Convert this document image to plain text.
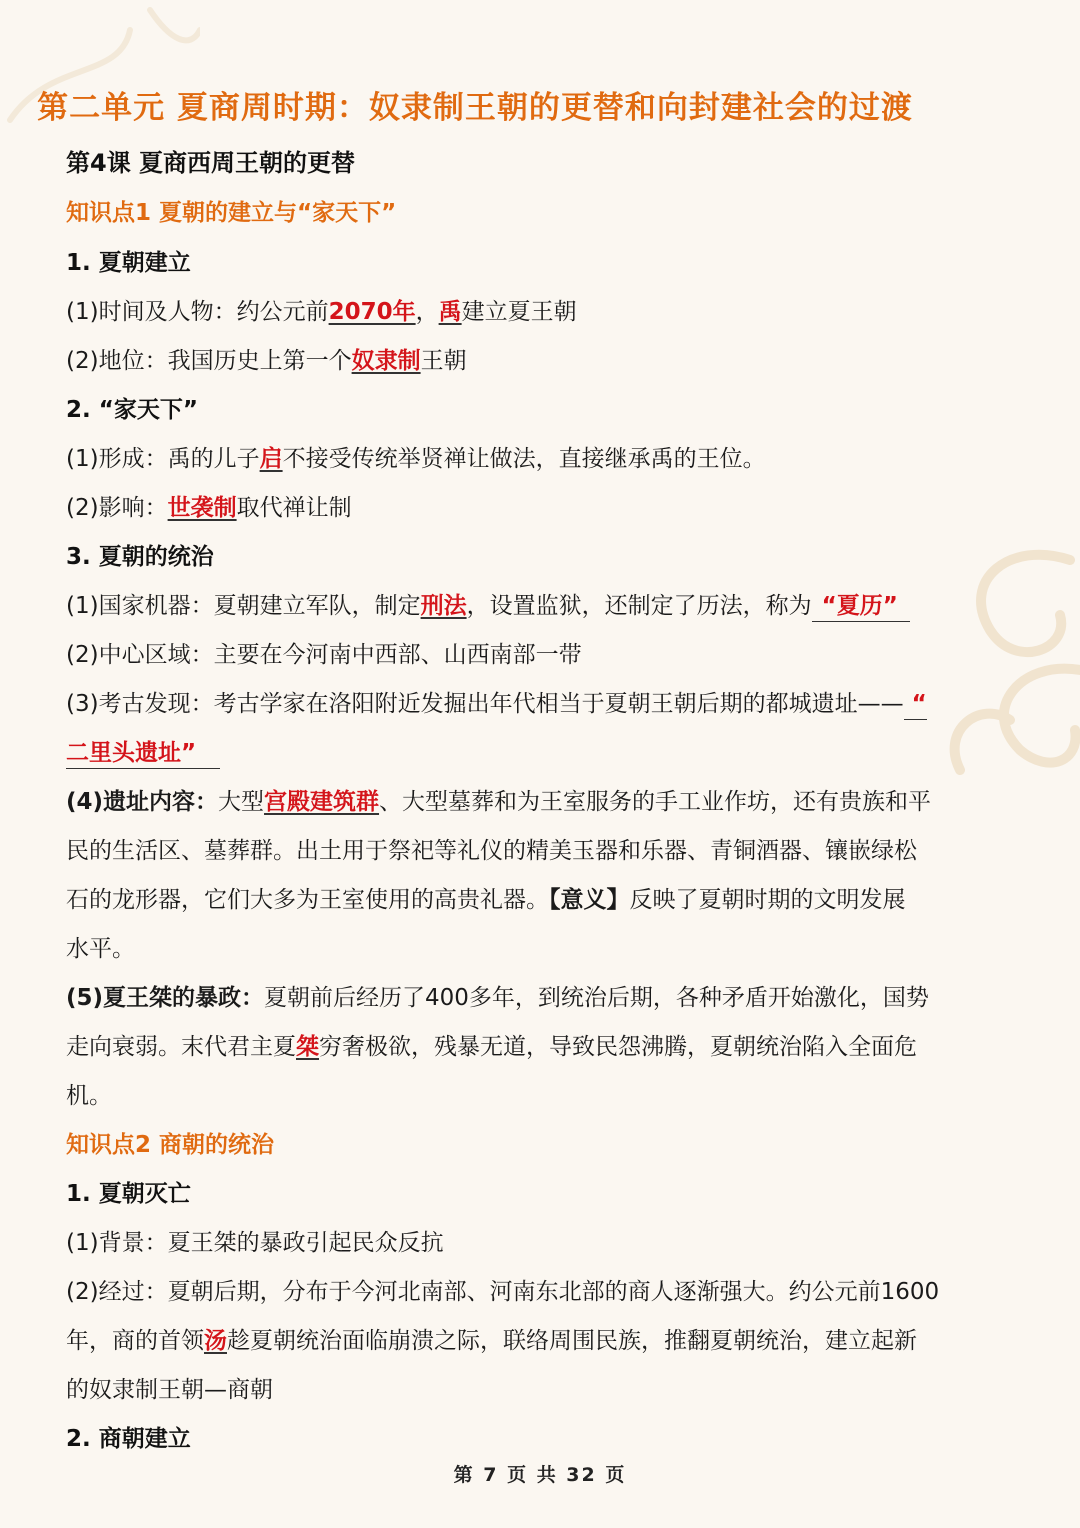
第二单元 夏商周时期：奴隶制王朝的更替和向封建社会的过渡
第4课 夏商西周王朝的更替
知识点1 夏朝的建立与“家天下”
1. 夏朝建立
(1)时间及人物：约公元前2070年，禹建立夏王朝
(2)地位：我国历史上第一个奴隶制王朝
2. “家天下”
(1)形成：禹的儿子启不接受传统举贤禅让做法，直接继承禹的王位。
(2)影响：世袭制取代禅让制
3. 夏朝的统治
(1)国家机器：夏朝建立军队，制定刑法，设置监狱，还制定了历法，称为 “夏历”
(2)中心区域：主要在今河南中西部、山西南部一带
(3)考古发现：考古学家在洛阳附近发掘出年代相当于夏朝王朝后期的都城遗址—— “
二里头遗址”
(4)遗址内容：大型宫殿建筑群、大型墓葬和为王室服务的手工业作坊，还有贵族和平
民的生活区、墓葬群。出土用于祭祀等礼仪的精美玉器和乐器、青铜酒器、镶嵌绿松
石的龙形器，它们大多为王室使用的高贵礼器。【意义】反映了夏朝时期的文明发展
水平。
(5)夏王桀的暴政：夏朝前后经历了400多年，到统治后期，各种矛盾开始激化，国势
走向衰弱。末代君主夏桀穷奢极欲，残暴无道，导致民怨沸腾，夏朝统治陷入全面危
机。
知识点2 商朝的统治
1. 夏朝灭亡
(1)背景：夏王桀的暴政引起民众反抗
(2)经过：夏朝后期，分布于今河北南部、河南东北部的商人逐渐强大。约公元前1600
年，商的首领汤趁夏朝统治面临崩溃之际，联络周围民族，推翻夏朝统治，建立起新
的奴隶制王朝—商朝
2. 商朝建立
第 7 页 共 32 页
